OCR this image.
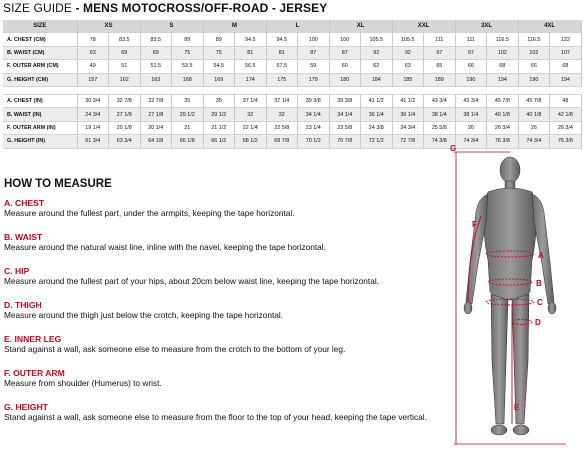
SIZE GUIDE - MENS MOTOCROSS/OFF-ROAD - JERSEY
SIZE	XS		S		M		L		XL		XXL		3XL		4XL	
A. CHEST (CM)	78	83.5	83.5	89	89	94.5	94.5	100	100	105.5	105.5	111	111	116.5	116.5	122
B. WAIST (CM)	63	69	69	75	75	81	81	87	87	92	92	97	97	102	102	107
F. OUTER ARM (CM)	49	51	51.5	53.5	54.5	56.5	57.5	59	60	62	63	65	66	68	66	68
G. HEIGHT (CM)	157	162	163	168	169	174	175	179	180	184	185	189	190	194	190	194

A. CHEST (IN)	30 3/4	32 7/8	32 7/8	35	35	37 1/4	37 1/4	39 3/8	39 3/8	41 1/2	41 1/2	43 3/4	43 3/4	45 7/8	45 7/8	48
B. WAIST (IN)	24 3/4	27 1/8	27 1/8	29 1/2	29 1/2	32	32	34 1/4	34 1/4	36 1/4	36 1/4	38 1/4	38 1/4	40 1/8	40 1/8	42 1/8
F. OUTER ARM (IN)	19 1/4	20 1/8	20 1/4	21	21 1/2	22 1/4	22 5/8	23 1/4	23 5/8	24 3/8	24 3/4	25 5/8	26	26 3/4	26	26 3/4
G. HEIGHT (IN)	61 3/4	63 3/4	64 1/8	66 1/8	66 1/2	68 1/2	68 7/8	70 1/2	70 7/8	72 1/2	72 7/8	74 3/8	74 3/4	76 3/8	74 3/4	76 3/8
HOW TO MEASURE
A. CHEST
Measure around the fullest part, under the armpits, keeping the tape horizontal.
B. WAIST
Measure around the natural waist line, inline with the navel, keeping the tape horizontal.
C. HIP
Measure around the fullest part of your hips, about 20cm below waist line, keeping the tape horizontal.
D. THIGH
Measure around the thigh just below the crotch, keeping the tape horizontal.
E. INNER LEG
Stand against a wall, ask someone else to measure from the crotch to the bottom of your leg.
F. OUTER ARM
Measure from shoulder (Humerus) to wrist.
G. HEIGHT
Stand against a wall, ask someone else to measure from the floor to the top of your head, keeping the tape vertical.
G
A
B
C
D
E
F
